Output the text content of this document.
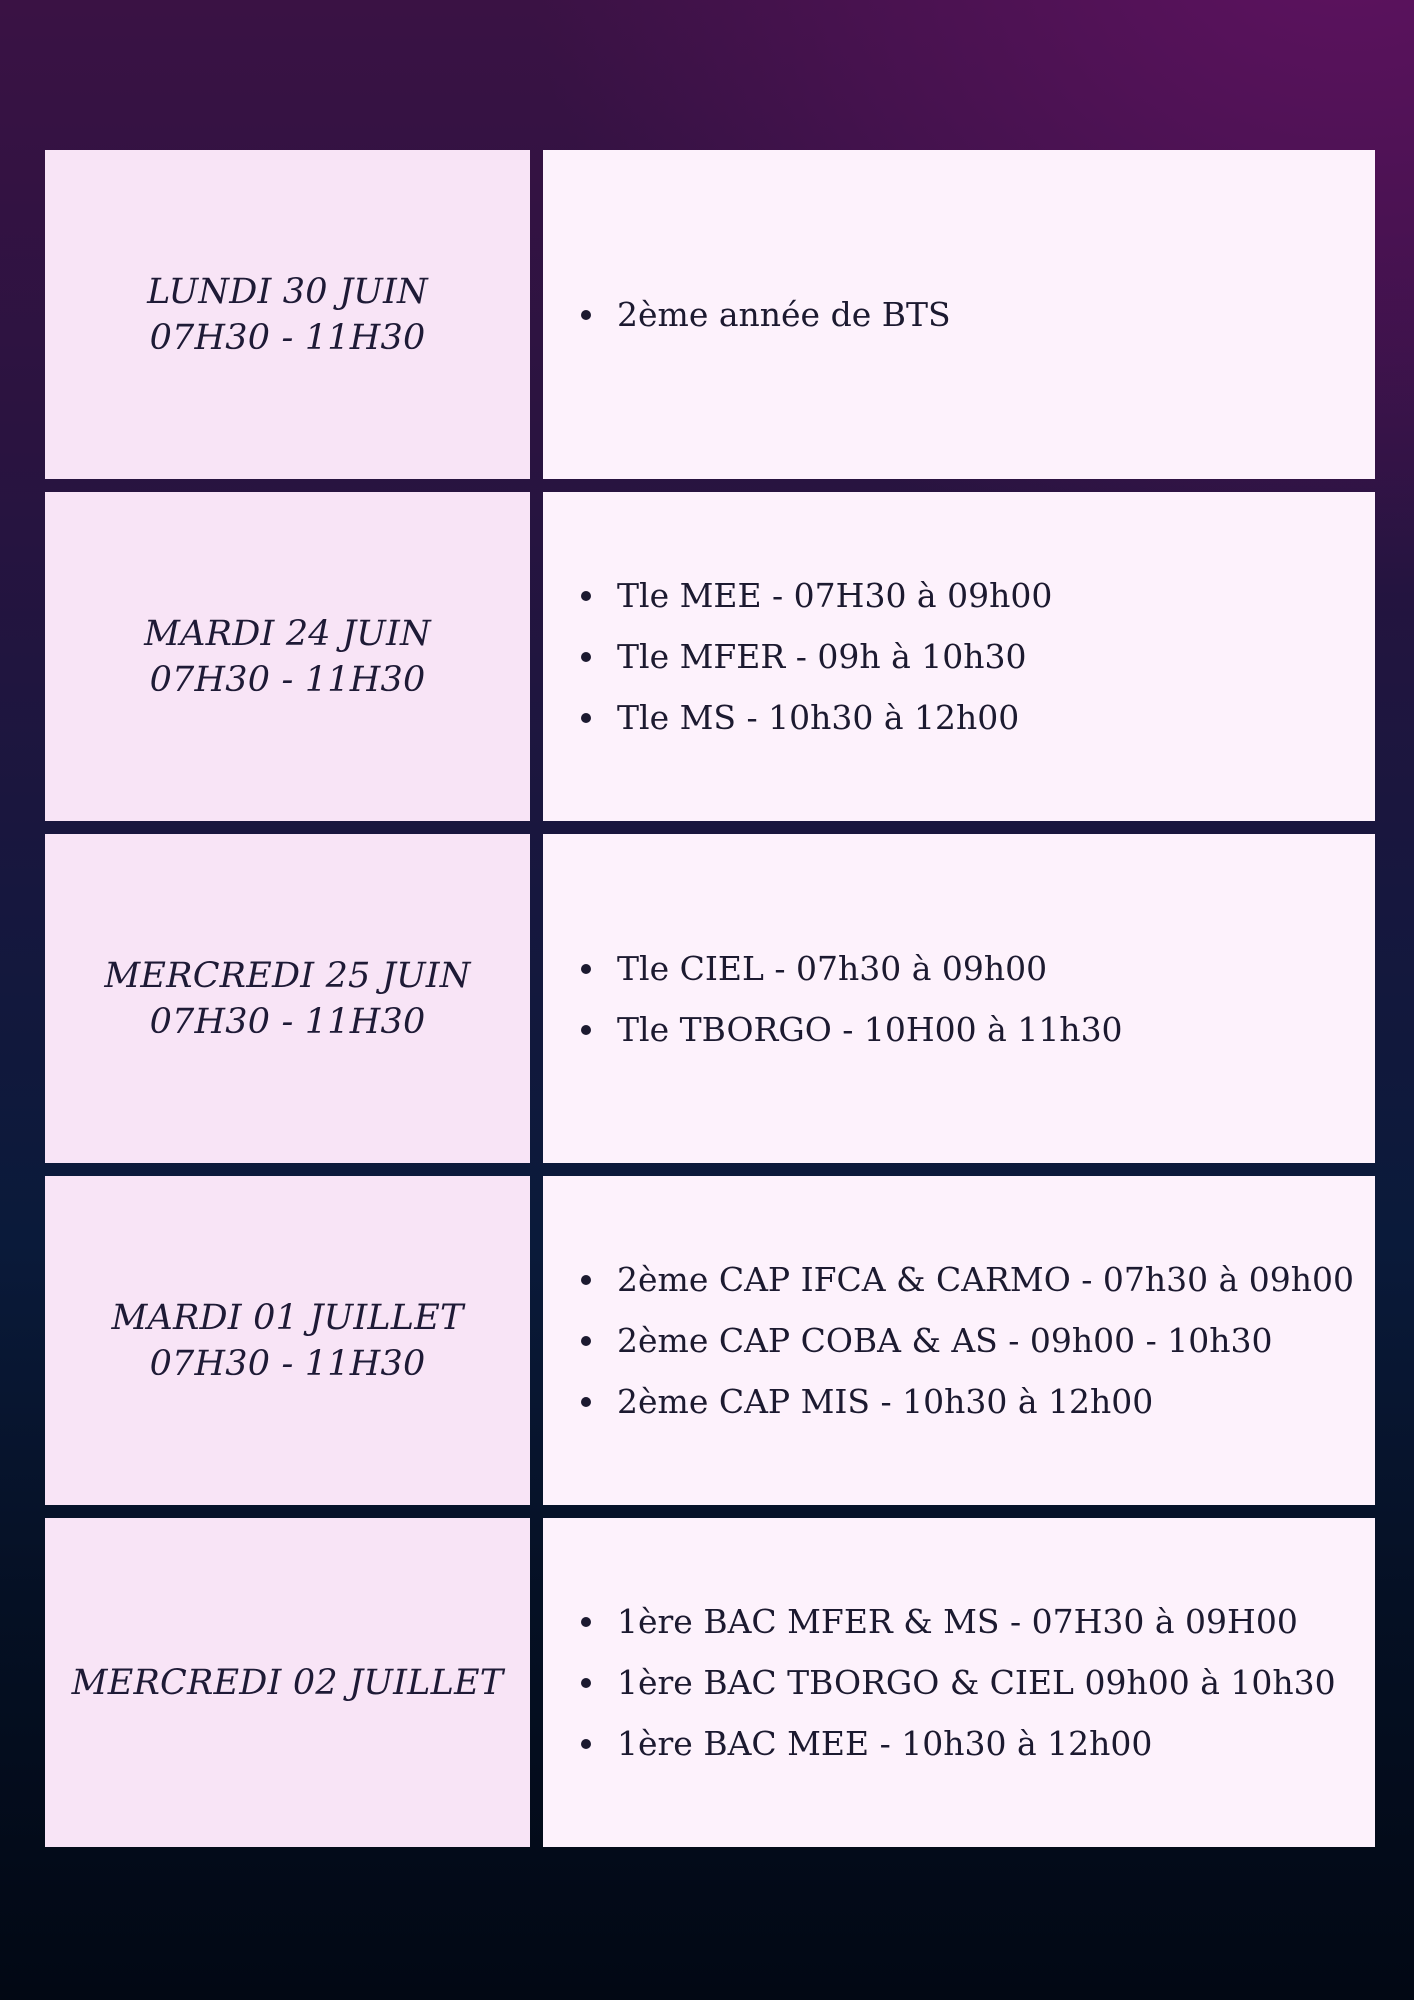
LUNDI 30 JUIN
07H30 - 11H30
2ème année de BTS
MARDI 24 JUIN
07H30 - 11H30
Tle MEE - 07H30 à 09h00
Tle MFER - 09h à 10h30
Tle MS - 10h30 à 12h00
MERCREDI 25 JUIN
07H30 - 11H30
Tle CIEL - 07h30 à 09h00
Tle TBORGO - 10H00 à 11h30
MARDI 01 JUILLET
07H30 - 11H30
2ème CAP IFCA & CARMO - 07h30 à 09h00
2ème CAP COBA & AS - 09h00 - 10h30
2ème CAP MIS - 10h30 à 12h00
MERCREDI 02 JUILLET
1ère BAC MFER & MS - 07H30 à 09H00
1ère BAC TBORGO & CIEL 09h00 à 10h30
1ère BAC MEE - 10h30 à 12h00
